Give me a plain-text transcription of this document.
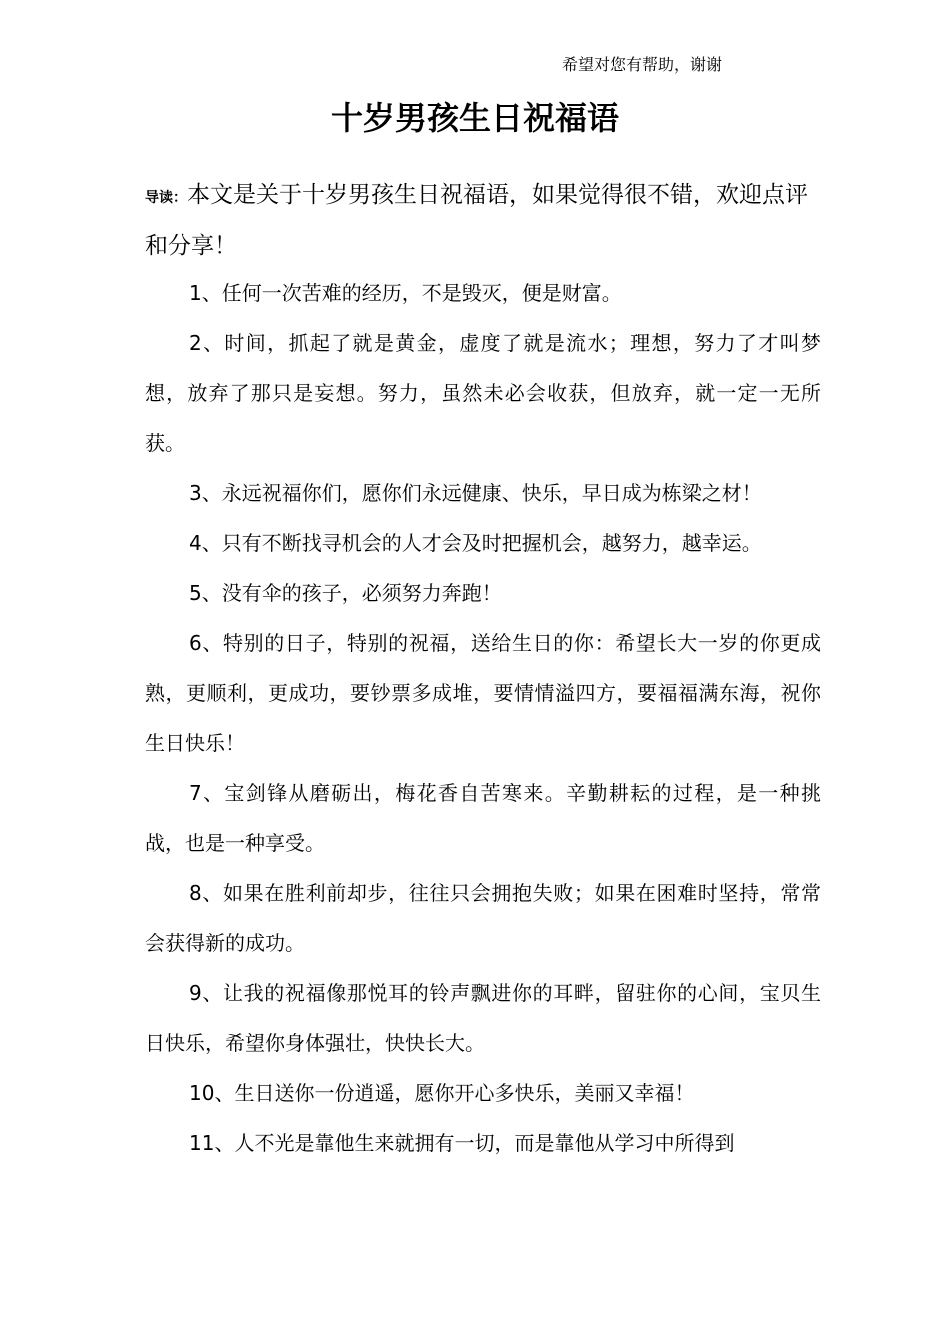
希望对您有帮助，谢谢
十岁男孩生日祝福语

导读：本文是关于十岁男孩生日祝福语，如果觉得很不错，欢迎点评和分享！

1、任何一次苦难的经历，不是毁灭，便是财富。

2、时间，抓起了就是黄金，虚度了就是流水；理想，努力了才叫梦想，放弃了那只是妄想。努力，虽然未必会收获，但放弃，就一定一无所获。

3、永远祝福你们，愿你们永远健康、快乐，早日成为栋梁之材！

4、只有不断找寻机会的人才会及时把握机会，越努力，越幸运。

5、没有伞的孩子，必须努力奔跑！

6、特别的日子，特别的祝福，送给生日的你：希望长大一岁的你更成熟，更顺利，更成功，要钞票多成堆，要情情溢四方，要福福满东海，祝你生日快乐！

7、宝剑锋从磨砺出，梅花香自苦寒来。辛勤耕耘的过程，是一种挑战，也是一种享受。

8、如果在胜利前却步，往往只会拥抱失败；如果在困难时坚持，常常会获得新的成功。

9、让我的祝福像那悦耳的铃声飘进你的耳畔，留驻你的心间，宝贝生日快乐，希望你身体强壮，快快长大。

10、生日送你一份逍遥，愿你开心多快乐，美丽又幸福！

11、人不光是靠他生来就拥有一切，而是靠他从学习中所得到
